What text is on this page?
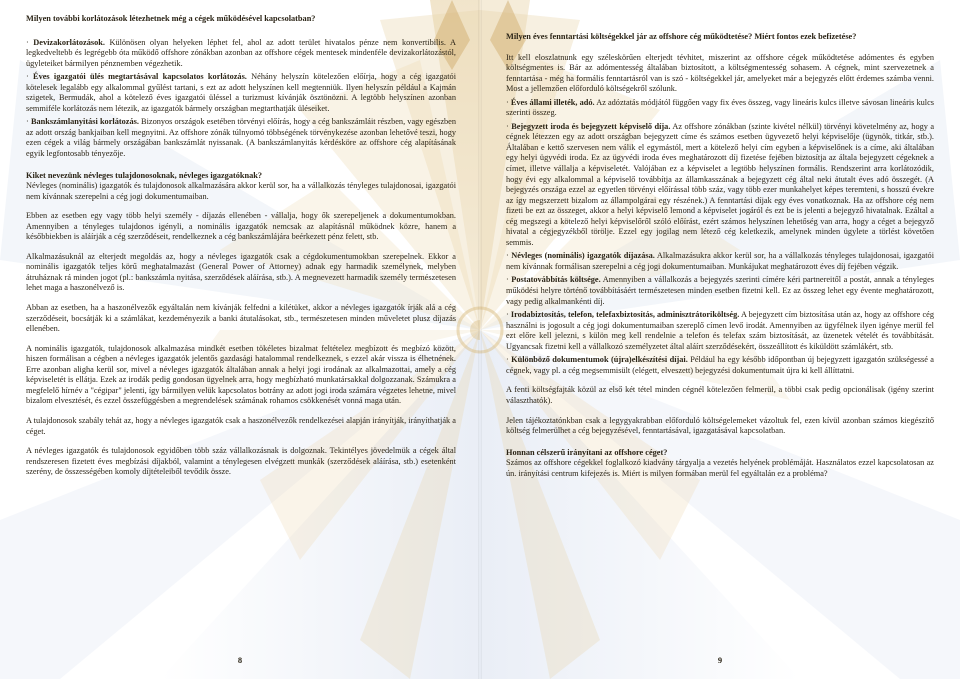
Milyen további korlátozások létezhetnek még a cégek működésével kapcsolatban?

· Devizakorlátozások. Különösen olyan helyeken léphet fel, ahol az adott terület hivatalos pénze nem konvertibilis. A legkedveltebb és legrégebb óta működő offshore zónákban azonban az offshore cégek mentesek mindenféle devizakorlátozástól, ügyleteiket bármilyen pénznemben végezhetik.

· Éves igazgatói ülés megtartásával kapcsolatos korlátozás. Néhány helyszín kötelezően előírja, hogy a cég igazgatói kötelesek legalább egy alkalommal gyűlést tartani, s ezt az adott helyszínen kell megtenniük. Ilyen helyszín például a Kajmán szigetek, Bermudák, ahol a kötelező éves igazgatói üléssel a turizmust kívánják ösztönözni. A legtöbb helyszínen azonban semmiféle korlátozás nem létezik, az igazgatók bármely országban megtarthatják üléseiket.

· Bankszámlanyitási korlátozás. Bizonyos országok esetében törvényi előírás, hogy a cég bankszámláit részben, vagy egészben az adott ország bankjaiban kell megnyitni. Az offshore zónák túlnyomó többségének törvénykezése azonban lehetővé teszi, hogy ezen cégek a világ bármely országában bankszámlát nyissanak. (A bankszámlanyitás kérdésköre az offshore cég alapításának egyik legfontosabb tényezője.

Kiket nevezünk névleges tulajdonosoknak, névleges igazgatóknak?

Névleges (nominális) igazgatók és tulajdonosok alkalmazására akkor kerül sor, ha a vállalkozás tényleges tulajdonosai, igazgatói nem kívánnak szerepelni a cég jogi dokumentumaiban.

Ebben az esetben egy vagy több helyi személy - díjazás ellenében - vállalja, hogy ők szerepeljenek a dokumentumokban. Amennyiben a tényleges tulajdonos igényli, a nominális igazgatók nemcsak az alapításnál működnek közre, hanem a későbbiekben is aláírják a cég szerződéseit, rendelkeznek a cég bankszámlájára beérkezett pénz felett, stb.

Alkalmazásuknál az elterjedt megoldás az, hogy a névleges igazgatók csak a cégdokumentumokban szerepelnek. Ekkor a nominális igazgatók teljes körű meghatalmazást (General Power of Attorney) adnak egy harmadik személynek, melyben átruháznak rá minden jogot (pl.: bankszámla nyitása, szerződések aláírása, stb.). A megnevezett harmadik személy természetesen lehet maga a haszonélvező is.

Abban az esetben, ha a haszonélvezők egyáltalán nem kívánják felfedni a kilétüket, akkor a névleges igazgatók írják alá a cég szerződéseit, bocsátják ki a számlákat, kezdeményezik a banki átutalásokat, stb., természetesen minden műveletet plusz díjazás ellenében.

A nominális igazgatók, tulajdonosok alkalmazása mindkét esetben tökéletes bizalmat feltételez megbízott és megbízó között, hiszen formálisan a cégben a névleges igazgatók jelentős gazdasági hatalommal rendelkeznek, s ezzel akár vissza is élhetnének. Erre azonban aligha kerül sor, mivel a névleges igazgatók általában annak a helyi jogi irodának az alkalmazottai, amely a cég képviseletét is ellátja. Ezek az irodák pedig gondosan ügyelnek arra, hogy megbízható munkatársakkal dolgozzanak. Számukra a megfelelő hírnév a "cégipar" jelenti, így bármilyen velük kapcsolatos botrány az adott jogi iroda számára végzetes lehetne, mivel bizalom elvesztését, és ezzel összefüggésben a megrendelések számának rohamos csökkenését vonná maga után.

A tulajdonosok szabály tehát az, hogy a névleges igazgatók csak a haszonélvezők rendelkezései alapján irányítják, irányíthatják a céget.

A névleges igazgatók és tulajdonosok egyidőben több száz vállalkozásnak is dolgoznak. Tekintélyes jövedelmük a cégek által rendszeresen fizetett éves megbízási díjakból, valamint a ténylegesen elvégzett munkák (szerződések aláírása, stb.) esetenként szerény, de összességében komoly díjtételeiből tevődik össze.

8

Milyen éves fenntartási költségekkel jár az offshore cég működtetése? Miért fontos ezek befizetése?

Itt kell eloszlatnunk egy széleskörűen elterjedt tévhitet, miszerint az offshore cégek működtetése adómentes és egyben költségmentes is. Bár az adómentesség általában biztosított, a költségmentesség sohasem. A cégnek, mint szervezetnek a fenntartása - még ha formális fenntartásról van is szó - költségekkel jár, amelyeket már a bejegyzés előtt érdemes számba venni. Most a jellemzően előforduló költségekről szólunk.

· Éves állami illeték, adó. Az adóztatás módjától függően vagy fix éves összeg, vagy lineáris kulcs illetve sávosan lineáris kulcs szerinti összeg.

· Bejegyzett iroda és bejegyzett képviselő díja. Az offshore zónákban (szinte kivétel nélkül) törvényi követelmény az, hogy a cégnek létezzen egy az adott országban bejegyzett címe és számos esetben ügyvezető helyi képviselője (ügynök, titkár, stb.). Általában e kettő szervesen nem válik el egymástól, mert a kötelező helyi cím egyben a képviselőnek is a címe, aki általában egy helyi ügyvédi iroda. Ez az ügyvédi iroda éves meghatározott díj fizetése fejében biztosítja az általa bejegyzett cégeknek a címet, illetve vállalja a képviseletét. Valójában ez a képviselet a legtöbb helyszínen formális. Rendszerint arra korlátozódik, hogy évi egy alkalommal a képviselő továbbítja az államkasszának a bejegyzett cég által neki átutalt éves adó összegét. (A bejegyzés országa ezzel az egyetlen törvényi előírással több száz, vagy több ezer munkahelyet képes teremteni, s hosszú évekre az így megszerzett bizalom az állampolgárai egy részének.) A fenntartási díjak egy éves vonatkoznak. Ha az offshore cég nem fizeti be ezt az összeget, akkor a helyi képviselő lemond a képviselet jogáról és ezt be is jelenti a bejegyző hivatalnak. Ezáltal a cég megszegi a kötelező helyi képviselőről szóló előírást, ezért számos helyszínen lehetőség van arra, hogy a céget a bejegyző hivatal a cégjegyzékből törölje. Ezzel egy jogilag nem létező cég keletkezik, amelynek minden ügylete a törlést követően semmis.

· Névleges (nominális) igazgatók díjazása. Alkalmazásukra akkor kerül sor, ha a vállalkozás tényleges tulajdonosai, igazgatói nem kívánnak formálisan szerepelni a cég jogi dokumentumaiban. Munkájukat meghatározott éves díj fejében végzik.

· Postatovábbítás költsége. Amennyiben a vállalkozás a bejegyzés szerinti címére kéri partnereitől a postát, annak a tényleges működési helyre történő továbbításáért természetesen minden esetben fizetni kell. Ez az összeg lehet egy évente meghatározott, vagy pedig alkalmankénti díj.

· Irodabiztosítás, telefon, telefaxbiztosítás, adminisztrátoriköltség. A bejegyzett cím biztosítása után az, hogy az offshore cég használni is jogosult a cég jogi dokumentumaiban szereplő címen levő irodát. Amennyiben az ügyfélnek ilyen igénye merül fel ezt előre kell jelezni, s külön meg kell rendelnie a telefon és telefax szám biztosítását, az üzenetek vételét és továbbítását. Ugyancsak fizetni kell a vállalkozó személyzetet által aláírt szerződésekért, összeállított és kiküldött számlákért, stb.

· Különböző dokumentumok (újra)elkészítési díjai. Például ha egy később időpontban új bejegyzett igazgatón szükségessé a cégnek, vagy pl. a cég megsemmisült (elégett, elveszett) bejegyzési dokumentumait újra ki kell állíttatni.

A fenti költségfajták közül az első két tétel minden cégnél kötelezően felmerül, a többi csak pedig opcionálisak (igény szerint választhatók).

Jelen tájékoztatónkban csak a legygyakrabban előforduló költségelemeket vázoltuk fel, ezen kívül azonban számos kiegészítő költség felmerülhet a cég bejegyzésével, fenntartásával, igazgatásával kapcsolatban.

Honnan célszerű irányítani az offshore céget?

Számos az offshore cégekkel foglalkozó kiadvány tárgyalja a vezetés helyének problémáját. Használatos ezzel kapcsolatosan az ún. irányítási centrum kifejezés is. Miért is milyen formában merül fel egyáltalán ez a probléma?

9
